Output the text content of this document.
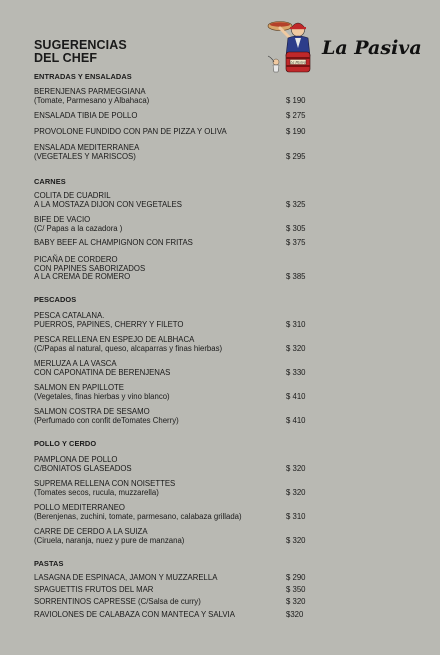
SUGERENCIAS
DEL CHEF	La Pasiva
La Pasiva
ENTRADAS Y ENSALADAS
BERENJENAS PARMEGGIANA
(Tomate, Parmesano y Albahaca)	$ 190
ENSALADA TIBIA DE POLLO	$ 275
PROVOLONE FUNDIDO CON PAN DE PIZZA Y OLIVA	$ 190
ENSALADA MEDITERRANEA
(VEGETALES Y MARISCOS)	$ 295
CARNES
COLITA DE CUADRIL
A LA MOSTAZA DIJON CON VEGETALES	$ 325
BIFE DE VACIO
(C/ Papas a la cazadora )	$ 305
BABY BEEF AL CHAMPIGNON CON FRITAS	$ 375
PICAÑA DE CORDERO
CON PAPINES SABORIZADOS
A LA CREMA DE ROMERO	$ 385
PESCADOS
PESCA CATALANA.
PUERROS, PAPINES, CHERRY Y FILETO	$ 310
PESCA RELLENA EN ESPEJO DE ALBHACA
(C/Papas al natural, queso, alcaparras y finas hierbas)	$ 320
MERLUZA A LA VASCA
CON CAPONATINA DE BERENJENAS	$ 330
SALMON EN PAPILLOTE
(Vegetales, finas hierbas y vino blanco)	$ 410
SALMON COSTRA DE SESAMO
(Perfumado con confit deTomates Cherry)	$ 410
POLLO Y CERDO
PAMPLONA DE POLLO
C/BONIATOS GLASEADOS	$ 320
SUPREMA RELLENA CON NOISETTES
(Tomates secos, rucula, muzzarella)	$ 320
POLLO MEDITERRANEO
(Berenjenas, zuchini, tomate, parmesano, calabaza grillada)	$ 310
CARRE DE CERDO A LA SUIZA
(Ciruela, naranja, nuez y pure de manzana)	$ 320
PASTAS
LASAGNA DE ESPINACA, JAMON Y MUZZARELLA	$ 290
SPAGUETTIS FRUTOS DEL MAR	$ 350
SORRENTINOS CAPRESSE (C/Salsa de curry)	$ 320
RAVIOLONES DE CALABAZA CON MANTECA Y SALVIA	$320
